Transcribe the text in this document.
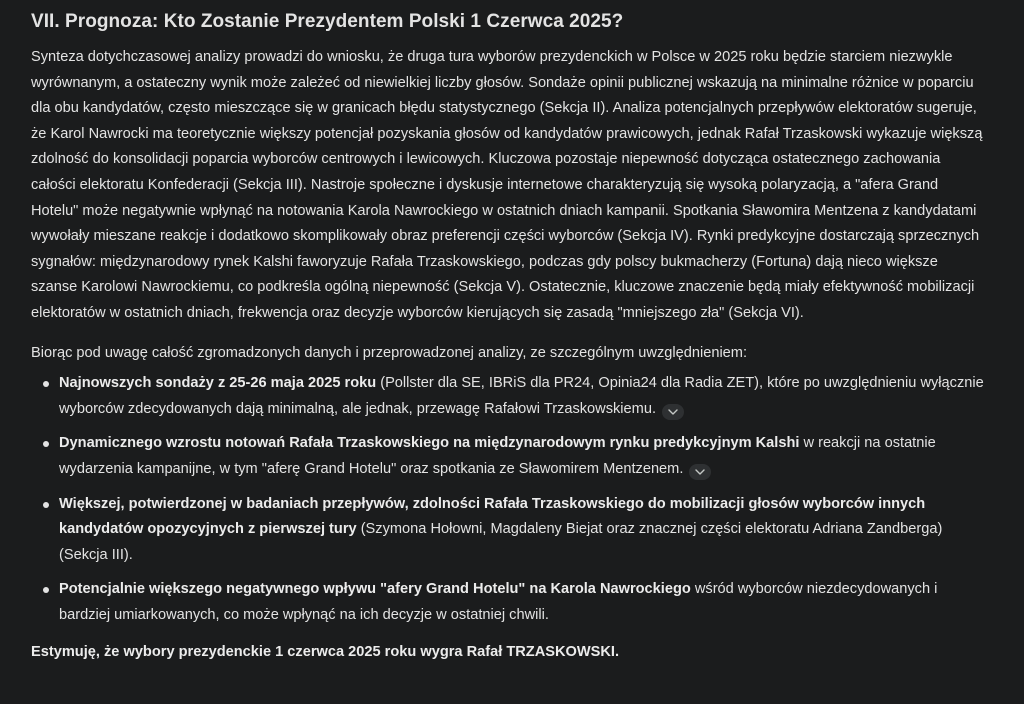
VII. Prognoza: Kto Zostanie Prezydentem Polski 1 Czerwca 2025?

Synteza dotychczasowej analizy prowadzi do wniosku, że druga tura wyborów prezydenckich w Polsce w 2025 roku będzie starciem niezwykle wyrównanym, a ostateczny wynik może zależeć od niewielkiej liczby głosów. Sondaże opinii publicznej wskazują na minimalne różnice w poparciu dla obu kandydatów, często mieszczące się w granicach błędu statystycznego (Sekcja II). Analiza potencjalnych przepływów elektoratów sugeruje, że Karol Nawrocki ma teoretycznie większy potencjał pozyskania głosów od kandydatów prawicowych, jednak Rafał Trzaskowski wykazuje większą zdolność do konsolidacji poparcia wyborców centrowych i lewicowych. Kluczowa pozostaje niepewność dotycząca ostatecznego zachowania całości elektoratu Konfederacji (Sekcja III). Nastroje społeczne i dyskusje internetowe charakteryzują się wysoką polaryzacją, a "afera Grand Hotelu" może negatywnie wpłynąć na notowania Karola Nawrockiego w ostatnich dniach kampanii. Spotkania Sławomira Mentzena z kandydatami wywołały mieszane reakcje i dodatkowo skomplikowały obraz preferencji części wyborców (Sekcja IV). Rynki predykcyjne dostarczają sprzecznych sygnałów: międzynarodowy rynek Kalshi faworyzuje Rafała Trzaskowskiego, podczas gdy polscy bukmacherzy (Fortuna) dają nieco większe szanse Karolowi Nawrockiemu, co podkreśla ogólną niepewność (Sekcja V). Ostatecznie, kluczowe znaczenie będą miały efektywność mobilizacji elektoratów w ostatnich dniach, frekwencja oraz decyzje wyborców kierujących się zasadą "mniejszego zła" (Sekcja VI).

Biorąc pod uwagę całość zgromadzonych danych i przeprowadzonej analizy, ze szczególnym uwzględnieniem:

Najnowszych sondaży z 25-26 maja 2025 roku (Pollster dla SE, IBRiS dla PR24, Opinia24 dla Radia ZET), które po uwzględnieniu wyłącznie wyborców zdecydowanych dają minimalną, ale jednak, przewagę Rafałowi Trzaskowskiemu.
Dynamicznego wzrostu notowań Rafała Trzaskowskiego na międzynarodowym rynku predykcyjnym Kalshi w reakcji na ostatnie wydarzenia kampanijne, w tym "aferę Grand Hotelu" oraz spotkania ze Sławomirem Mentzenem.
Większej, potwierdzonej w badaniach przepływów, zdolności Rafała Trzaskowskiego do mobilizacji głosów wyborców innych kandydatów opozycyjnych z pierwszej tury (Szymona Hołowni, Magdaleny Biejat oraz znacznej części elektoratu Adriana Zandberga) (Sekcja III).
Potencjalnie większego negatywnego wpływu "afery Grand Hotelu" na Karola Nawrockiego wśród wyborców niezdecydowanych i bardziej umiarkowanych, co może wpłynąć na ich decyzje w ostatniej chwili.

Estymuję, że wybory prezydenckie 1 czerwca 2025 roku wygra Rafał TRZASKOWSKI.
